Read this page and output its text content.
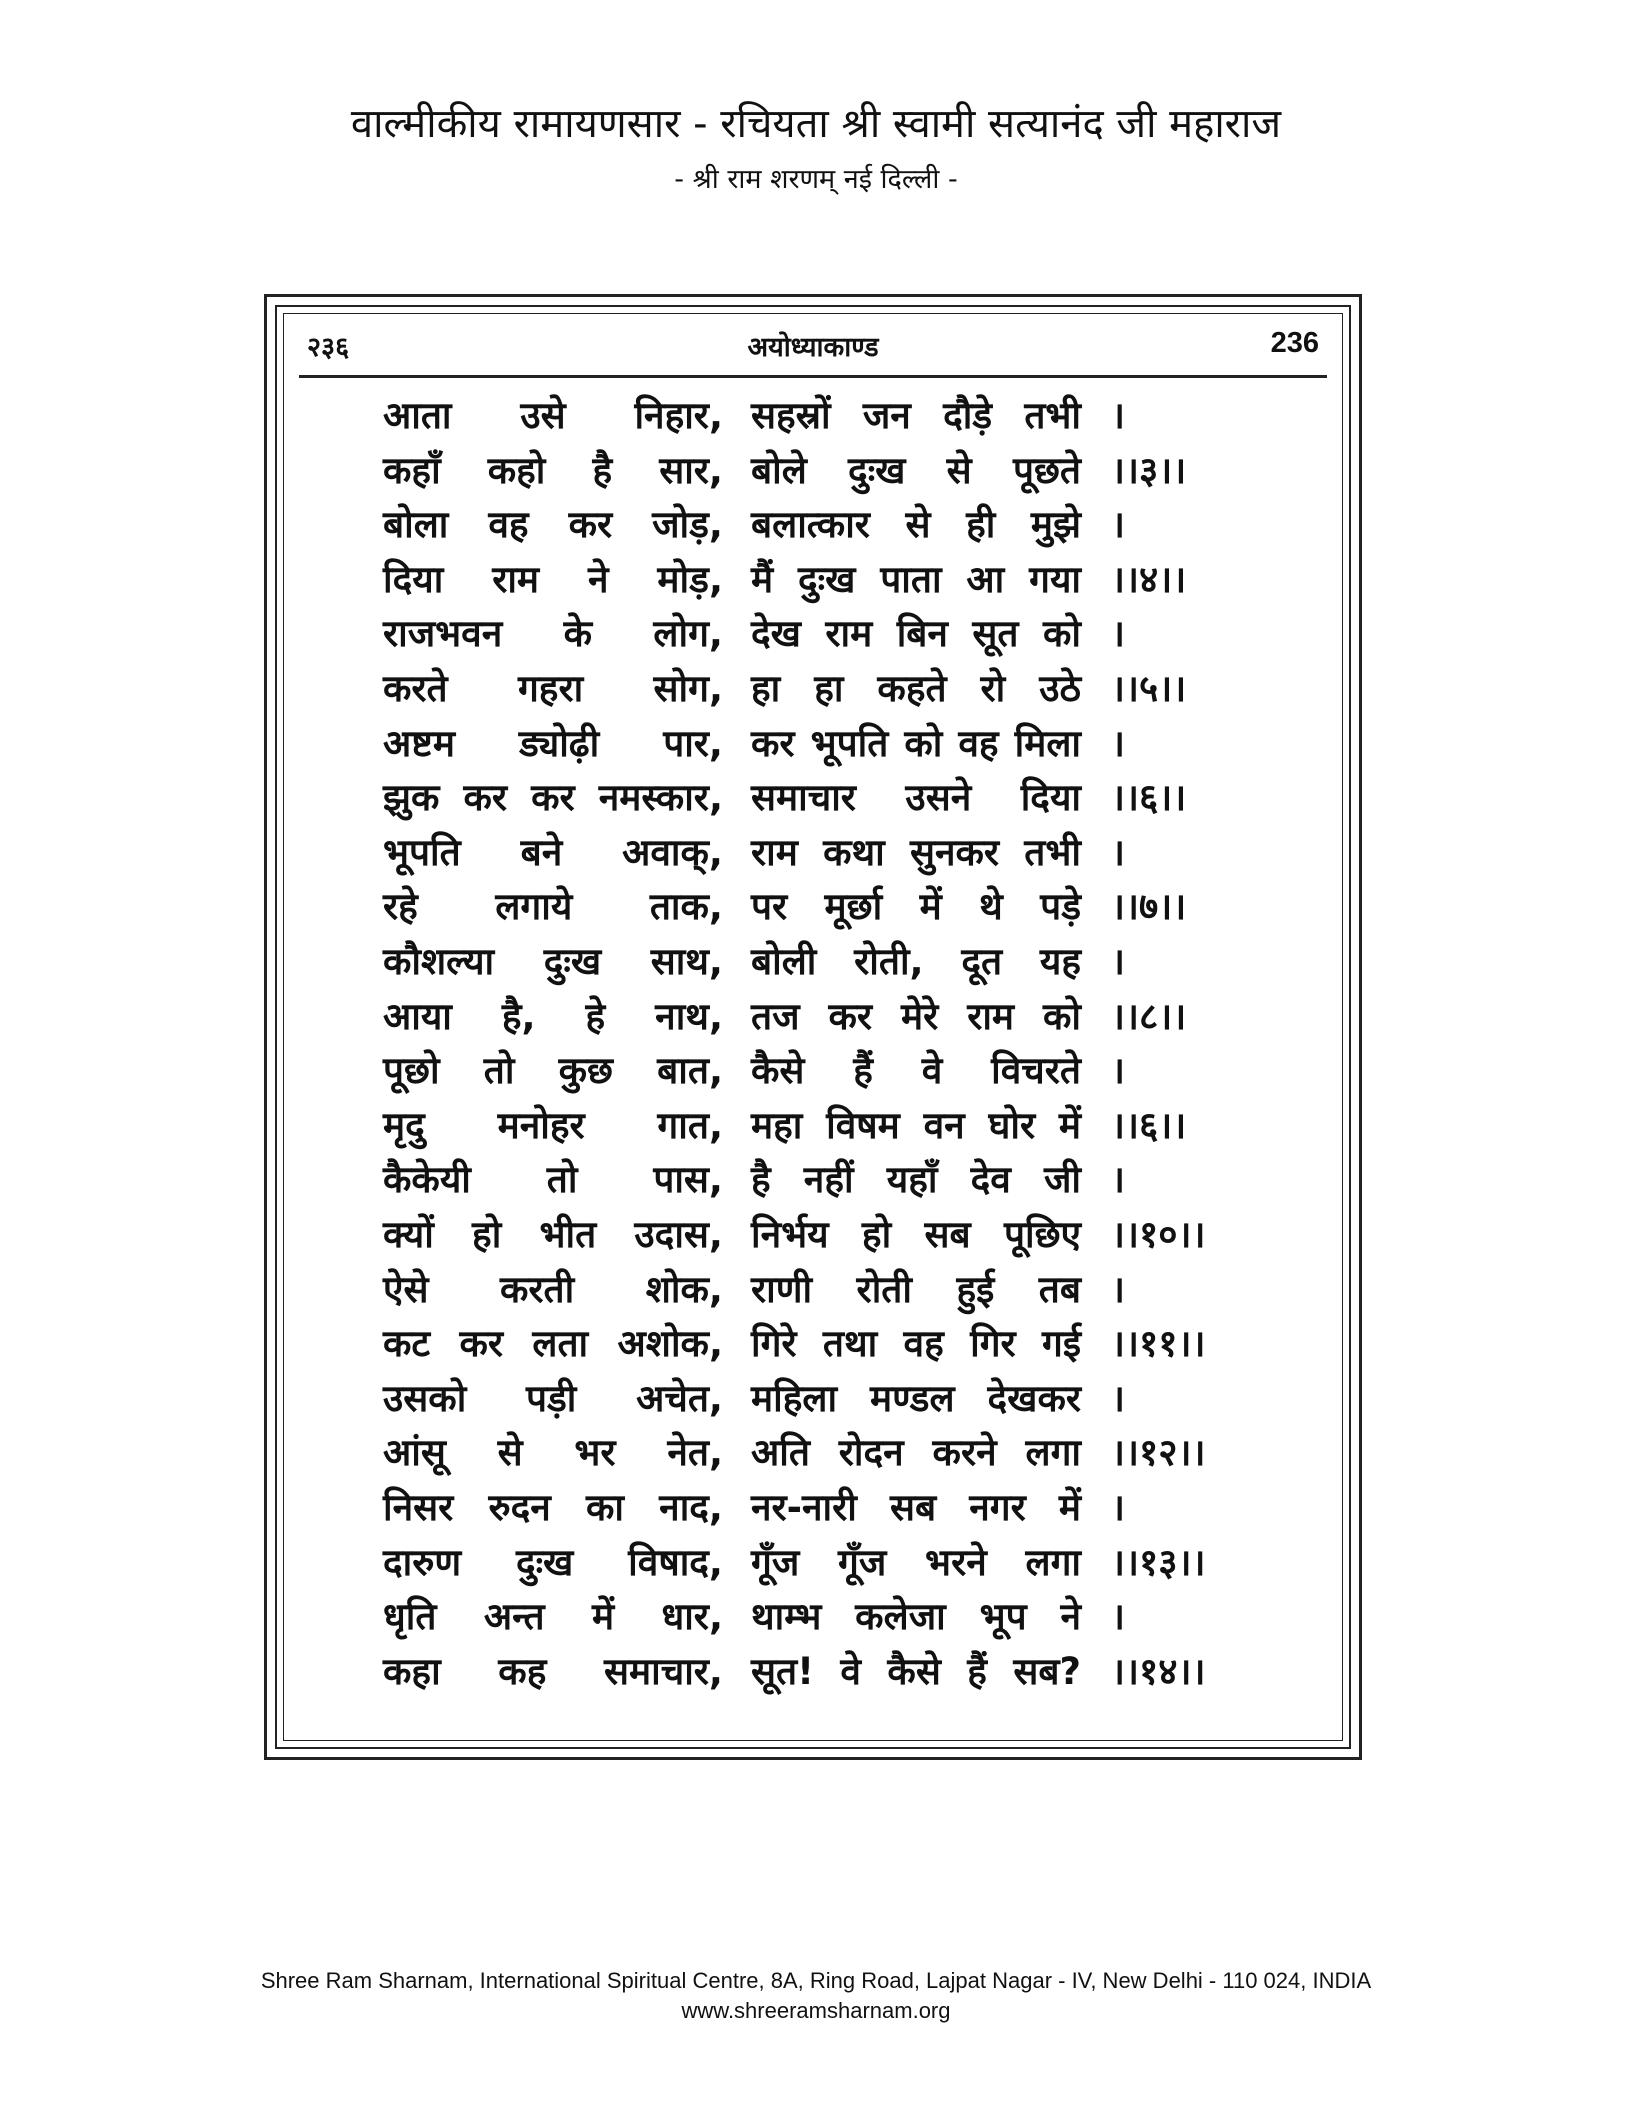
वाल्मीकीय रामायणसार - रचियता श्री स्वामी सत्यानंद जी महाराज
- श्री राम शरणम् नई दिल्ली -
२३६	अयोध्याकाण्ड	236
आता उसे निहार, सहस्रों जन दौड़े तभी ।
कहाँ कहो है सार, बोले दुःख से पूछते ।।३।।
बोला वह कर जोड़, बलात्कार से ही मुझे ।
दिया राम ने मोड़, मैं दुःख पाता आ गया ।।४।।
राजभवन के लोग, देख राम बिन सूत को ।
करते गहरा सोग, हा हा कहते रो उठे ।।५।।
अष्टम ड्योढ़ी पार, कर भूपति को वह मिला ।
झुक कर कर नमस्कार, समाचार उसने दिया ।।६।।
भूपति बने अवाक्, राम कथा सुनकर तभी ।
रहे लगाये ताक, पर मूर्छा में थे पड़े ।।७।।
कौशल्या दुःख साथ, बोली रोती, दूत यह ।
आया है, हे नाथ, तज कर मेरे राम को ।।८।।
पूछो तो कुछ बात, कैसे हैं वे विचरते ।
मृदु मनोहर गात, महा विषम वन घोर में ।।६।।
कैकेयी तो पास, है नहीं यहाँ देव जी ।
क्यों हो भीत उदास, निर्भय हो सब पूछिए ।।१०।।
ऐसे करती शोक, राणी रोती हुई तब ।
कट कर लता अशोक, गिरे तथा वह गिर गई ।।११।।
उसको पड़ी अचेत, महिला मण्डल देखकर ।
आंसू से भर नेत, अति रोदन करने लगा ।।१२।।
निसर रुदन का नाद, नर-नारी सब नगर में ।
दारुण दुःख विषाद, गूँज गूँज भरने लगा ।।१३।।
धृति अन्त में धार, थाम्भ कलेजा भूप ने ।
कहा कह समाचार, सूत! वे कैसे हैं सब? ।।१४।।
Shree Ram Sharnam, International Spiritual Centre, 8A, Ring Road, Lajpat Nagar - IV, New Delhi - 110 024, INDIA
www.shreeramsharnam.org
